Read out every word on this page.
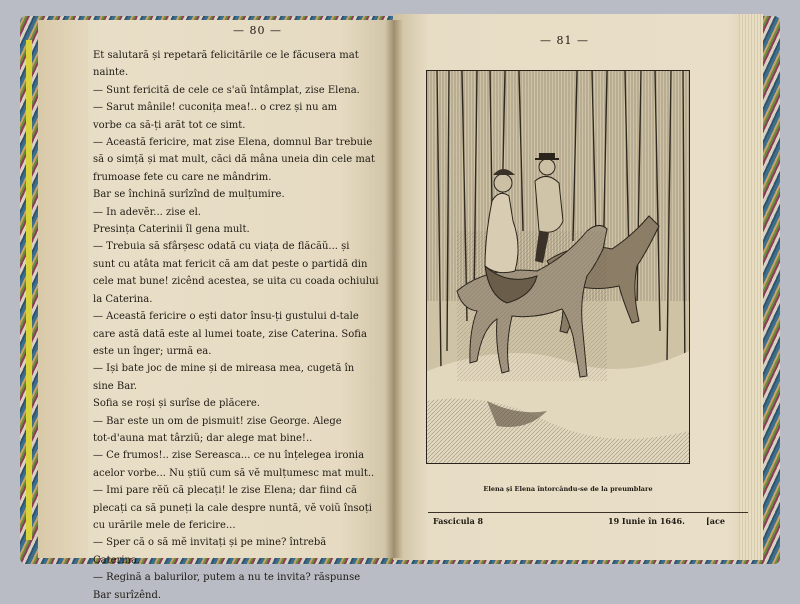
— 80 —
Et salutară și repetară felicitările ce le făcusera mat
nainte.
— Sunt fericită de cele ce s'aŭ întâmplat, zise Elena.
— Sarut mânile! cuconița mea!.. o crez și nu am
vorbe ca să-ți arăt tot ce simt.
— Această fericire, mat zise Elena, domnul Bar trebuie
să o simță și mat mult, căci dă mâna uneia din cele mat
frumoase fete cu care ne mândrim.
Bar se închină surîzînd de mulțumire.
— In adevĕr... zise el.
Presința Caterinii îl gena mult.
— Trebuia să sfârșesc odată cu viața de flăcăŭ... și
sunt cu atâta mat fericit că am dat peste o partidă din
cele mat bune! zicênd acestea, se uita cu coada ochiului
la Caterina.
— Această fericire o ești dator însu-ți gustului d-tale
care astă dată este al lumei toate, zise Caterina. Sofia
este un înger; urmă ea.
— Iși bate joc de mine și de mireasa mea, cugetă în
sine Bar.
Sofia se roși și surîse de plăcere.
— Bar este un om de pismuit! zise George. Alege
tot-d'auna mat târziŭ; dar alege mat bine!..
— Ce frumos!.. zise Sereasca... ce nu înțelegea ironia
acelor vorbe... Nu știŭ cum să vĕ mulțumesc mat mult..
— Imi pare rĕŭ că plecați! le zise Elena; dar fiind că
plecați ca să puneți la cale despre nuntă, vĕ voiŭ însoți
cu urările mele de fericire...
— Sper că o să mĕ invitați și pe mine? întrebă
Caterina.
— Regină a balurilor, putem a nu te invita? răspunse
Bar surîzênd.
— 81 —
Elena și Elena întorcându-se de la preumblare
Fascicula 8	19 Iunie în 1646.	[ace
